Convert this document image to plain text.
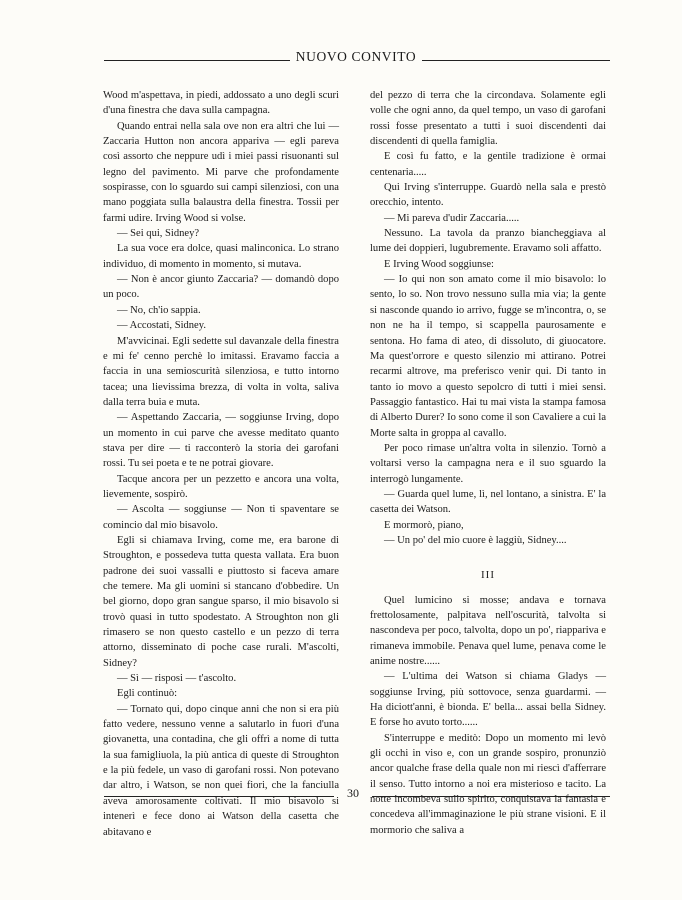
NUOVO CONVITO

Wood m'aspettava, in piedi, addossato a uno degli scuri d'una finestra che dava sulla campagna.

Quando entrai nella sala ove non era altri che lui — Zaccaria Hutton non ancora appariva — egli pareva così assorto che neppure udì i miei passi risuonanti sul legno del pavimento. Mi parve che profondamente sospirasse, con lo sguardo sui campi silenziosi, con una mano poggiata sulla balaustra della finestra. Tossii per farmi udire. Irving Wood si volse.

— Sei qui, Sidney?

La sua voce era dolce, quasi malinconica. Lo strano individuo, di momento in momento, si mutava.

— Non è ancor giunto Zaccaria? — domandò dopo un poco.

— No, ch'io sappia.

— Accostati, Sidney.

M'avvicinai. Egli sedette sul davanzale della finestra e mi fe' cenno perchè lo imitassi. Eravamo faccia a faccia in una semioscurità silenziosa, e tutto intorno tacea; una lievissima brezza, di volta in volta, saliva dalla terra buia e muta.

— Aspettando Zaccaria, — soggiunse Irving, dopo un momento in cui parve che avesse meditato quanto stava per dire — ti racconterò la storia dei garofani rossi. Tu sei poeta e te ne potrai giovare.

Tacque ancora per un pezzetto e ancora una volta, lievemente, sospirò.

— Ascolta — soggiunse — Non ti spaventare se comincio dal mio bisavolo.

Egli si chiamava Irving, come me, era barone di Stroughton, e possedeva tutta questa vallata. Era buon padrone dei suoi vassalli e piuttosto si faceva amare che temere. Ma gli uomini si stancano d'obbedire. Un bel giorno, dopo gran sangue sparso, il mio bisavolo si trovò quasi in tutto spodestato. A Stroughton non gli rimasero se non questo castello e un pezzo di terra attorno, disseminato di poche case rurali. M'ascolti, Sidney?

— Sì — risposi — t'ascolto.

Egli continuò:

— Tornato qui, dopo cinque anni che non si era più fatto vedere, nessuno venne a salutarlo in fuori d'una giovanetta, una contadina, che gli offrì a nome di tutta la sua famigliuola, la più antica di queste di Stroughton e la più fedele, un vaso di garofani rossi. Non potevano dar altro, i Watson, se non quei fiori, che la fanciulla aveva amorosamente coltivati. Il mio bisavolo si intenerì e fece dono ai Watson della casetta che abitavano e

del pezzo di terra che la circondava. Solamente egli volle che ogni anno, da quel tempo, un vaso di garofani rossi fosse presentato a tutti i suoi discendenti dai discendenti di quella famiglia.

E così fu fatto, e la gentile tradizione è ormai centenaria.....

Qui Irving s'interruppe. Guardò nella sala e prestò orecchio, intento.

— Mi pareva d'udir Zaccaria.....

Nessuno. La tavola da pranzo biancheggiava al lume dei doppieri, lugubremente. Eravamo soli affatto.

E Irving Wood soggiunse:

— Io qui non son amato come il mio bisavolo: lo sento, lo so. Non trovo nessuno sulla mia via; la gente si nasconde quando io arrivo, fugge se m'incontra, o, se non ne ha il tempo, si scappella paurosamente e sentona. Ho fama di ateo, di dissoluto, di giuocatore. Ma quest'orrore e questo silenzio mi attirano. Potrei recarmi altrove, ma preferisco venir qui. Di tanto in tanto io movo a questo sepolcro di tutti i miei sensi. Passaggio fantastico. Hai tu mai vista la stampa famosa di Alberto Durer? Io sono come il son Cavaliere a cui la Morte salta in groppa al cavallo.

Per poco rimase un'altra volta in silenzio. Tornò a voltarsi verso la campagna nera e il suo sguardo la interrogò lungamente.

— Guarda quel lume, lì, nel lontano, a sinistra. E' la casetta dei Watson.

E mormorò, piano,

— Un po' del mio cuore è laggiù, Sidney....

III

Quel lumicino si mosse; andava e tornava frettolosamente, palpitava nell'oscurità, talvolta si nascondeva per poco, talvolta, dopo un po', riappariva e rimaneva immobile. Penava quel lume, penava come le anime nostre......

— L'ultima dei Watson si chiama Gladys — soggiunse Irving, più sottovoce, senza guardarmi. — Ha diciott'anni, è bionda. E' bella... assai bella Sidney. E forse ho avuto torto......

S'interruppe e meditò: Dopo un momento mi levò gli occhi in viso e, con un grande sospiro, pronunziò ancor qualche frase della quale non mi riescì d'afferrare il senso. Tutto intorno a noi era misterioso e tacito. La notte incombeva sullo spirito, conquistava la fantasia e concedeva all'immaginazione le più strane visioni. E il mormorio che saliva a

30
